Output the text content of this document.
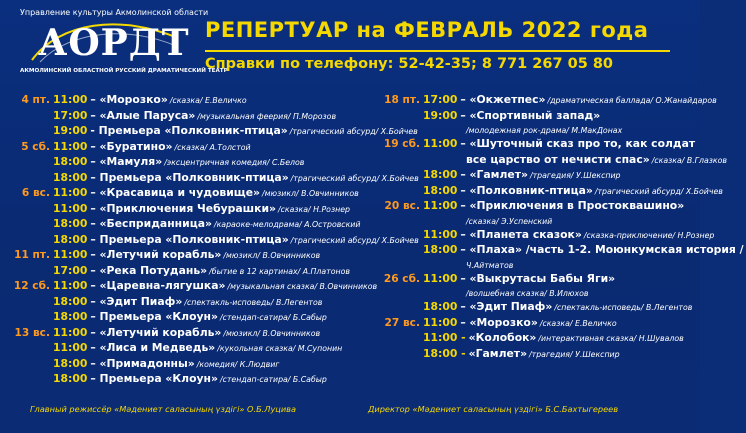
Управление культуры Акмолинской области
АОРДТ
АКМОЛИНСКИЙ ОБЛАСТНОЙ РУССКИЙ ДРАМАТИЧЕСКИЙ ТЕАТР
РЕПЕРТУАР на ФЕВРАЛЬ 2022 года
Справки по телефону: 52-42-35; 8 771 267 05 80
4 пт. 11:00 – «Морозко» /сказка/ Е.Величко
17:00 – «Алые Паруса» /музыкальная феерия/ П.Морозов
19:00 - Премьера «Полковник-птица» /трагический абсурд/ Х.Бойчев
5 сб. 11:00 – «Буратино» /сказка/ А.Толстой
18:00 – «Мамуля» /эксцентричная комедия/ С.Белов
18:00 – Премьера «Полковник-птица» /трагический абсурд/ Х.Бойчев
6 вс. 11:00 – «Красавица и чудовище» /мюзикл/ В.Овчинников
11:00 – «Приключения Чебурашки» /сказка/ Н.Рознер
18:00 – «Бесприданница» /караоке-мелодрама/ А.Островский
18:00 – Премьера «Полковник-птица» /трагический абсурд/ Х.Бойчев
11 пт. 11:00 – «Летучий корабль» /мюзикл/ В.Овчинников
17:00 – «Река Потудань» /бытие в 12 картинах/ А.Платонов
12 сб. 11:00 – «Царевна-лягушка» /музыкальная сказка/ В.Овчинников
18:00 – «Эдит Пиаф» /спектакль-исповедь/ В.Легентов
18:00 – Премьера «Клоун» /стендап-сатира/ Б.Сабыр
13 вс. 11:00 – «Летучий корабль» /мюзикл/ В.Овчинников
11:00 – «Лиса и Медведь» /кукольная сказка/ М.Супонин
18:00 – «Примадонны» /комедия/ К.Людвиг
18:00 – Премьера «Клоун» /стендап-сатира/ Б.Сабыр
18 пт. 17:00 – «Окжетпес» /драматическая баллада/ О.Жанайдаров
19:00 – «Спортивный запад»
/молодежная рок-драма/ М.МакДонах
19 сб. 11:00 – «Шуточный сказ про то, как солдат
все царство от нечисти спас» /сказка/ В.Глазков
18:00 – «Гамлет» /трагедия/ У.Шекспир
18:00 – «Полковник-птица» /трагический абсурд/ Х.Бойчев
20 вс. 11:00 – «Приключения в Простоквашино»
/сказка/ Э.Успенский
11:00 – «Планета сказок» /сказка-приключение/ Н.Рознер
18:00 – «Плаха» /часть 1-2. Моюнкумская история /
Ч.Айтматов
26 сб. 11:00 – «Выкрутасы Бабы Яги»
/волшебная сказка/ В.Илюхов
18:00 – «Эдит Пиаф» /спектакль-исповедь/ В.Легентов
27 вс. 11:00 – «Морозко» /сказка/ Е.Величко
11:00 - «Колобок» /интерактивная сказка/ Н.Шувалов
18:00 - «Гамлет» /трагедия/ У.Шекспир
Главный режиссёр «Мәдениет саласының үздігі» О.Б.Луцива	Директор «Мәдениет саласының үздігі» Б.С.Бахтыгереев
